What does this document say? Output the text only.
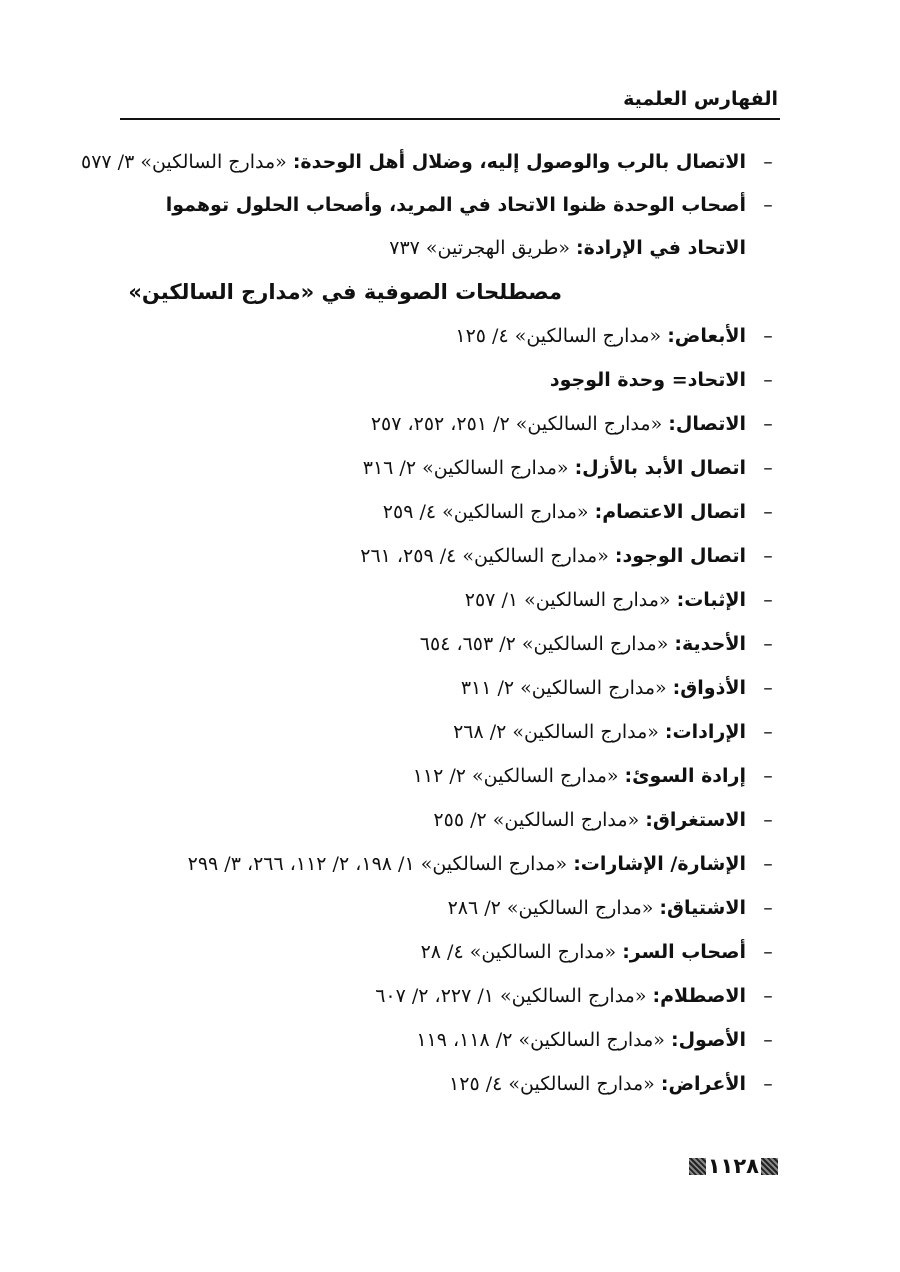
الفهارس العلمية
–
الاتصال بالرب والوصول إليه، وضلال أهل الوحدة: «مدارج السالكين» ٣/ ٥٧٧
–
أصحاب الوحدة ظنوا الاتحاد في المريد، وأصحاب الحلول توهموا الاتحاد في الإرادة: «طريق الهجرتين» ٧٣٧
مصطلحات الصوفية في «مدارج السالكين»
–
الأبعاض: «مدارج السالكين» ٤/ ١٢٥
–
الاتحاد= وحدة الوجود
–
الاتصال: «مدارج السالكين» ٢/ ٢٥١، ٢٥٢، ٢٥٧
–
اتصال الأبد بالأزل: «مدارج السالكين» ٢/ ٣١٦
–
اتصال الاعتصام: «مدارج السالكين» ٤/ ٢٥٩
–
اتصال الوجود: «مدارج السالكين» ٤/ ٢٥٩، ٢٦١
–
الإثبات: «مدارج السالكين» ١/ ٢٥٧
–
الأحدية: «مدارج السالكين» ٢/ ٦٥٣، ٦٥٤
–
الأذواق: «مدارج السالكين» ٢/ ٣١١
–
الإرادات: «مدارج السالكين» ٢/ ٢٦٨
–
إرادة السوئ: «مدارج السالكين» ٢/ ١١٢
–
الاستغراق: «مدارج السالكين» ٢/ ٢٥٥
–
الإشارة/ الإشارات: «مدارج السالكين» ١/ ١٩٨، ٢/ ١١٢، ٢٦٦، ٣/ ٢٩٩
–
الاشتياق: «مدارج السالكين» ٢/ ٢٨٦
–
أصحاب السر: «مدارج السالكين» ٤/ ٢٨
–
الاصطلام: «مدارج السالكين» ١/ ٢٢٧، ٢/ ٦٠٧
–
الأصول: «مدارج السالكين» ٢/ ١١٨، ١١٩
–
الأعراض: «مدارج السالكين» ٤/ ١٢٥
١١٢٨
